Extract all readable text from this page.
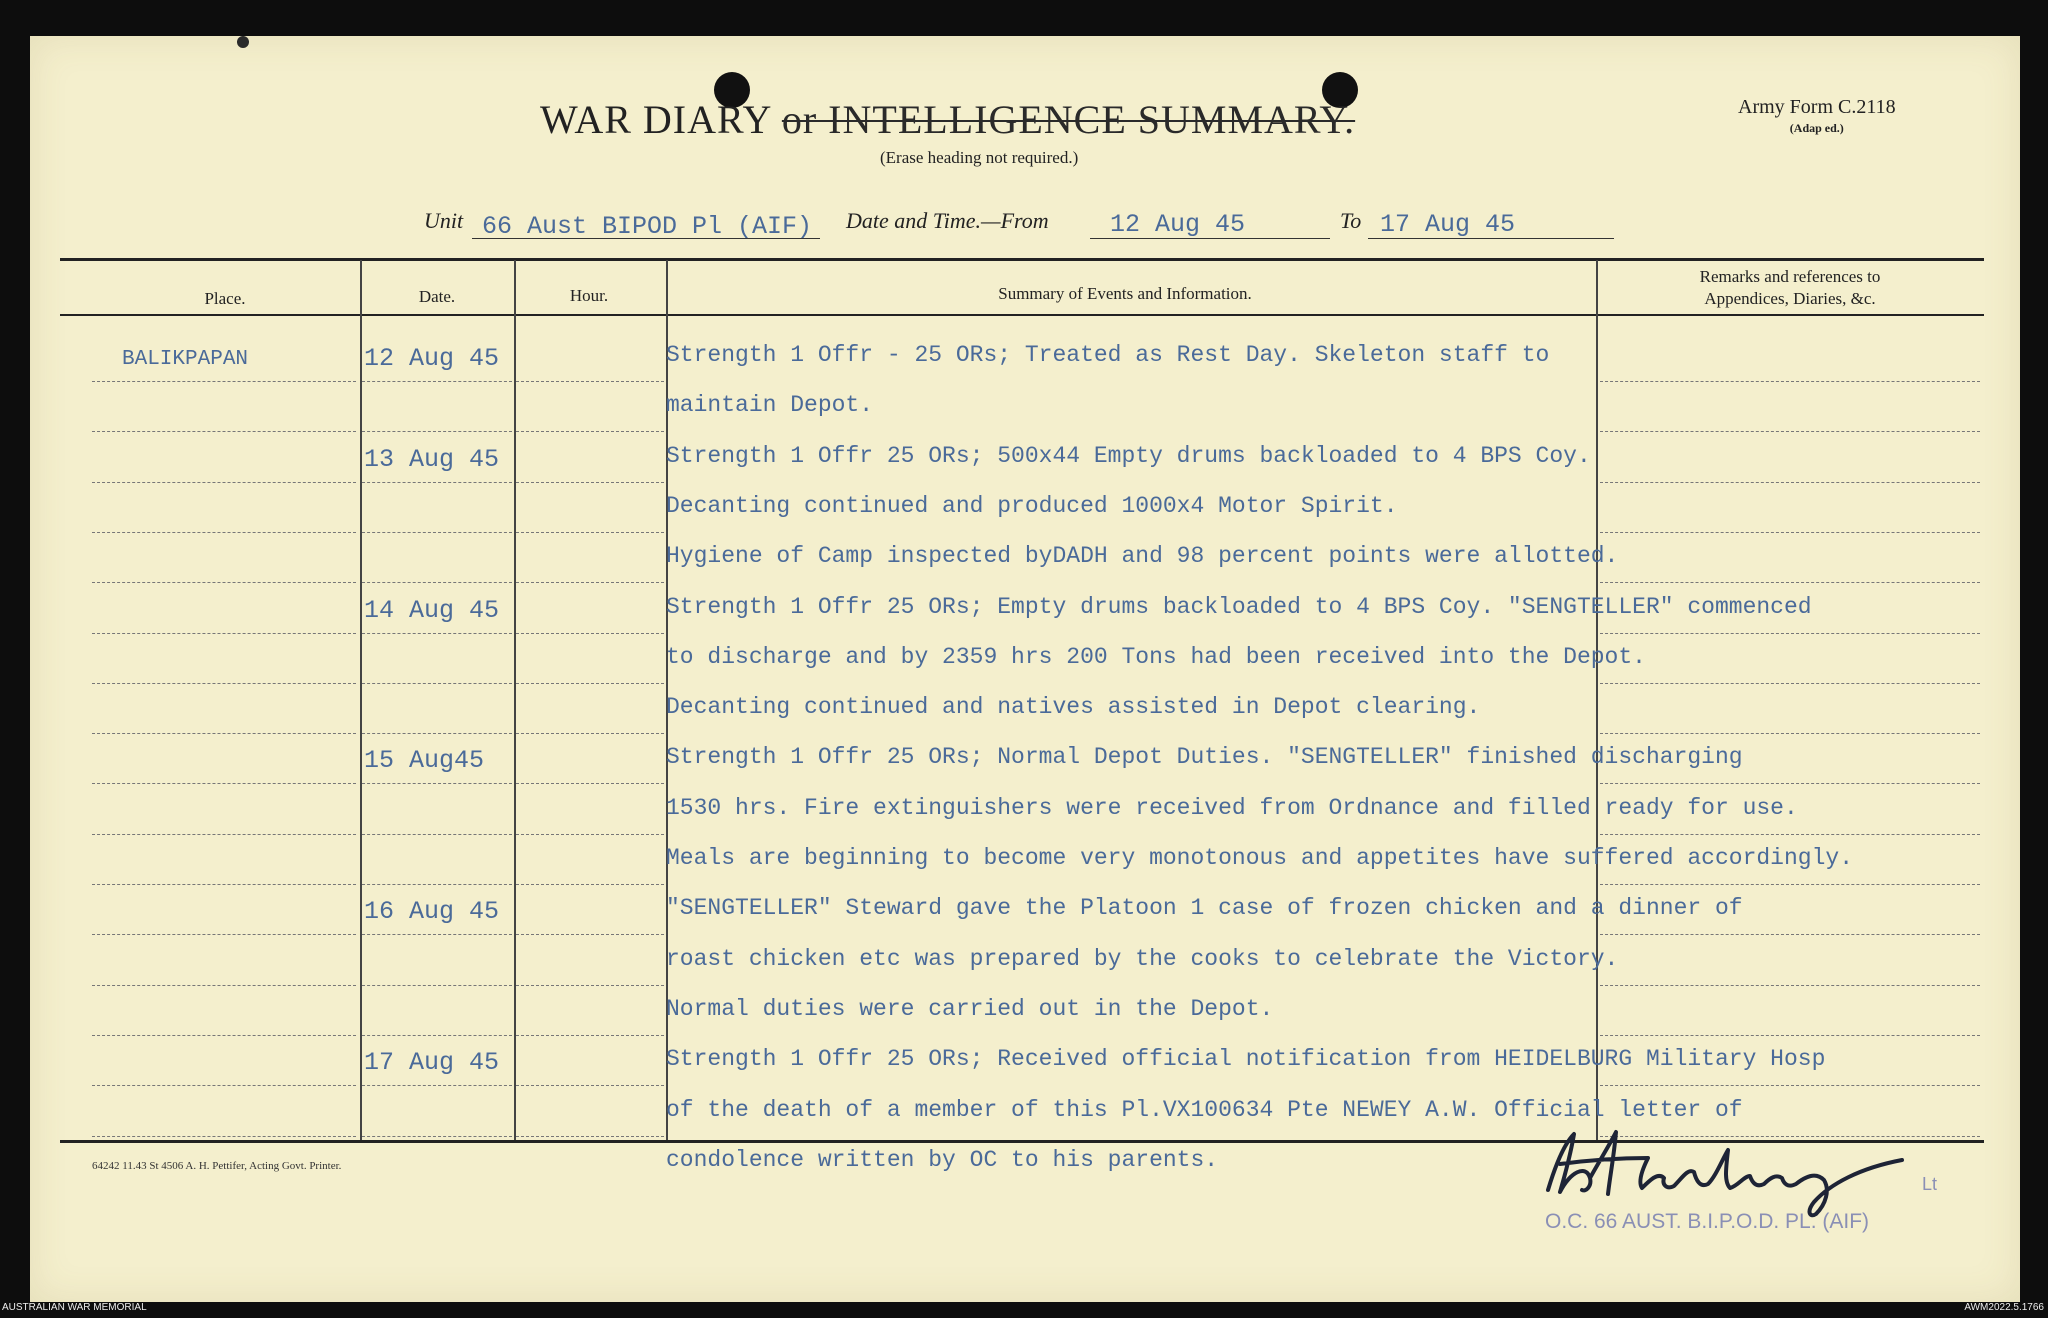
WAR DIARY or INTELLIGENCE SUMMARY.
(Erase heading not required.)
Army Form C.2118
(Adap ed.)
Unit 66 Aust BIPOD Pl (AIF) Date and Time.—From 12 Aug 45	To 17 Aug 45
Place.	Date.	Hour.	Summary of Events and Information.
Remarks and references to
Appendices, Diaries, &c.
BALIKPAPAN	12 Aug 45	Strength 1 Offr - 25 ORs; Treated as Rest Day. Skeleton staff to
maintain Depot.
13 Aug 45	Strength 1 Offr 25 ORs; 500x44 Empty drums backloaded to 4 BPS Coy.
Decanting continued and produced 1000x4 Motor Spirit.
Hygiene of Camp inspected byDADH and 98 percent points were allotted.
14 Aug 45	Strength 1 Offr 25 ORs; Empty drums backloaded to 4 BPS Coy. "SENGTELLER" commenced
to discharge and by 2359 hrs 200 Tons had been received into the Depot.
Decanting continued and natives assisted in Depot clearing.
15 Aug45	Strength 1 Offr 25 ORs; Normal Depot Duties. "SENGTELLER" finished discharging
1530 hrs. Fire extinguishers were received from Ordnance and filled ready for use.
Meals are beginning to become very monotonous and appetites have suffered accordingly.
16 Aug 45	"SENGTELLER" Steward gave the Platoon 1 case of frozen chicken and a dinner of
roast chicken etc was prepared by the cooks to celebrate the Victory.
Normal duties were carried out in the Depot.
17 Aug 45	Strength 1 Offr 25 ORs; Received official notification from HEIDELBURG Military Hosp
of the death of a member of this Pl.VX100634 Pte NEWEY A.W. Official letter of
condolence written by OC to his parents.
64242 11.43 St 4506 A. H. Pettifer, Acting Govt. Printer.
Lt
O.C. 66 AUST. B.I.P.O.D. PL. (AIF)
AUSTRALIAN WAR MEMORIAL	AWM2022.5.1766
